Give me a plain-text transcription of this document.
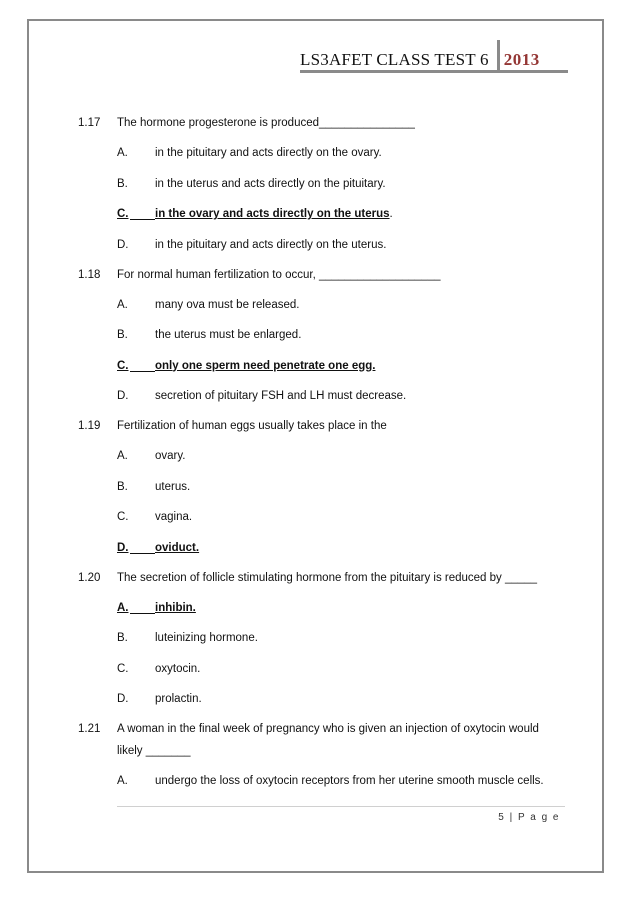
LS3AFET CLASS TEST 6 2013
1.17 The hormone progesterone is produced_______________
A. in the pituitary and acts directly on the ovary.
B. in the uterus and acts directly on the pituitary.
C. in the ovary and acts directly on the uterus.
D. in the pituitary and acts directly on the uterus.
1.18 For normal human fertilization to occur, ___________________
A. many ova must be released.
B. the uterus must be enlarged.
C. only one sperm need penetrate one egg.
D. secretion of pituitary FSH and LH must decrease.
1.19 Fertilization of human eggs usually takes place in the
A. ovary.
B. uterus.
C. vagina.
D. oviduct.
1.20 The secretion of follicle stimulating hormone from the pituitary is reduced by _____
A. inhibin.
B. luteinizing hormone.
C. oxytocin.
D. prolactin.
1.21 A woman in the final week of pregnancy who is given an injection of oxytocin would
likely _______
A. undergo the loss of oxytocin receptors from her uterine smooth muscle cells.
5 | P a g e
